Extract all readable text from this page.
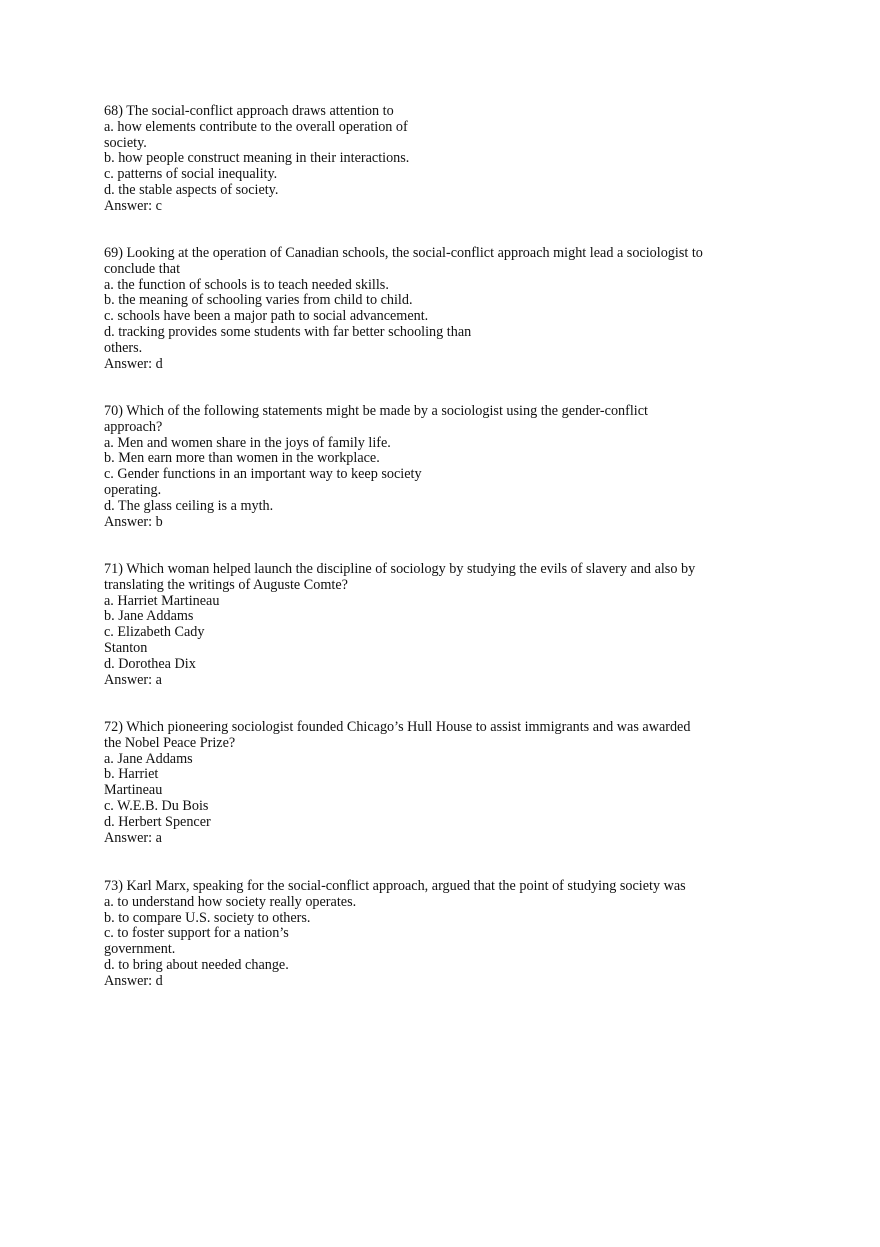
68) The social-conflict approach draws attention to
a. how elements contribute to the overall operation of
society.
b. how people construct meaning in their interactions.
c. patterns of social inequality.
d. the stable aspects of society.
Answer: c
69) Looking at the operation of Canadian schools, the social-conflict approach might lead a sociologist to
conclude that
a. the function of schools is to teach needed skills.
b. the meaning of schooling varies from child to child.
c. schools have been a major path to social advancement.
d. tracking provides some students with far better schooling than
others.
Answer: d
70) Which of the following statements might be made by a sociologist using the gender-conflict
approach?
a. Men and women share in the joys of family life.
b. Men earn more than women in the workplace.
c. Gender functions in an important way to keep society
operating.
d. The glass ceiling is a myth.
Answer: b
71) Which woman helped launch the discipline of sociology by studying the evils of slavery and also by
translating the writings of Auguste Comte?
a. Harriet Martineau
b. Jane Addams
c. Elizabeth Cady
Stanton
d. Dorothea Dix
Answer: a
72) Which pioneering sociologist founded Chicago’s Hull House to assist immigrants and was awarded
the Nobel Peace Prize?
a. Jane Addams
b. Harriet
Martineau
c. W.E.B. Du Bois
d. Herbert Spencer
Answer: a
73) Karl Marx, speaking for the social-conflict approach, argued that the point of studying society was
a. to understand how society really operates.
b. to compare U.S. society to others.
c. to foster support for a nation’s
government.
d. to bring about needed change.
Answer: d
